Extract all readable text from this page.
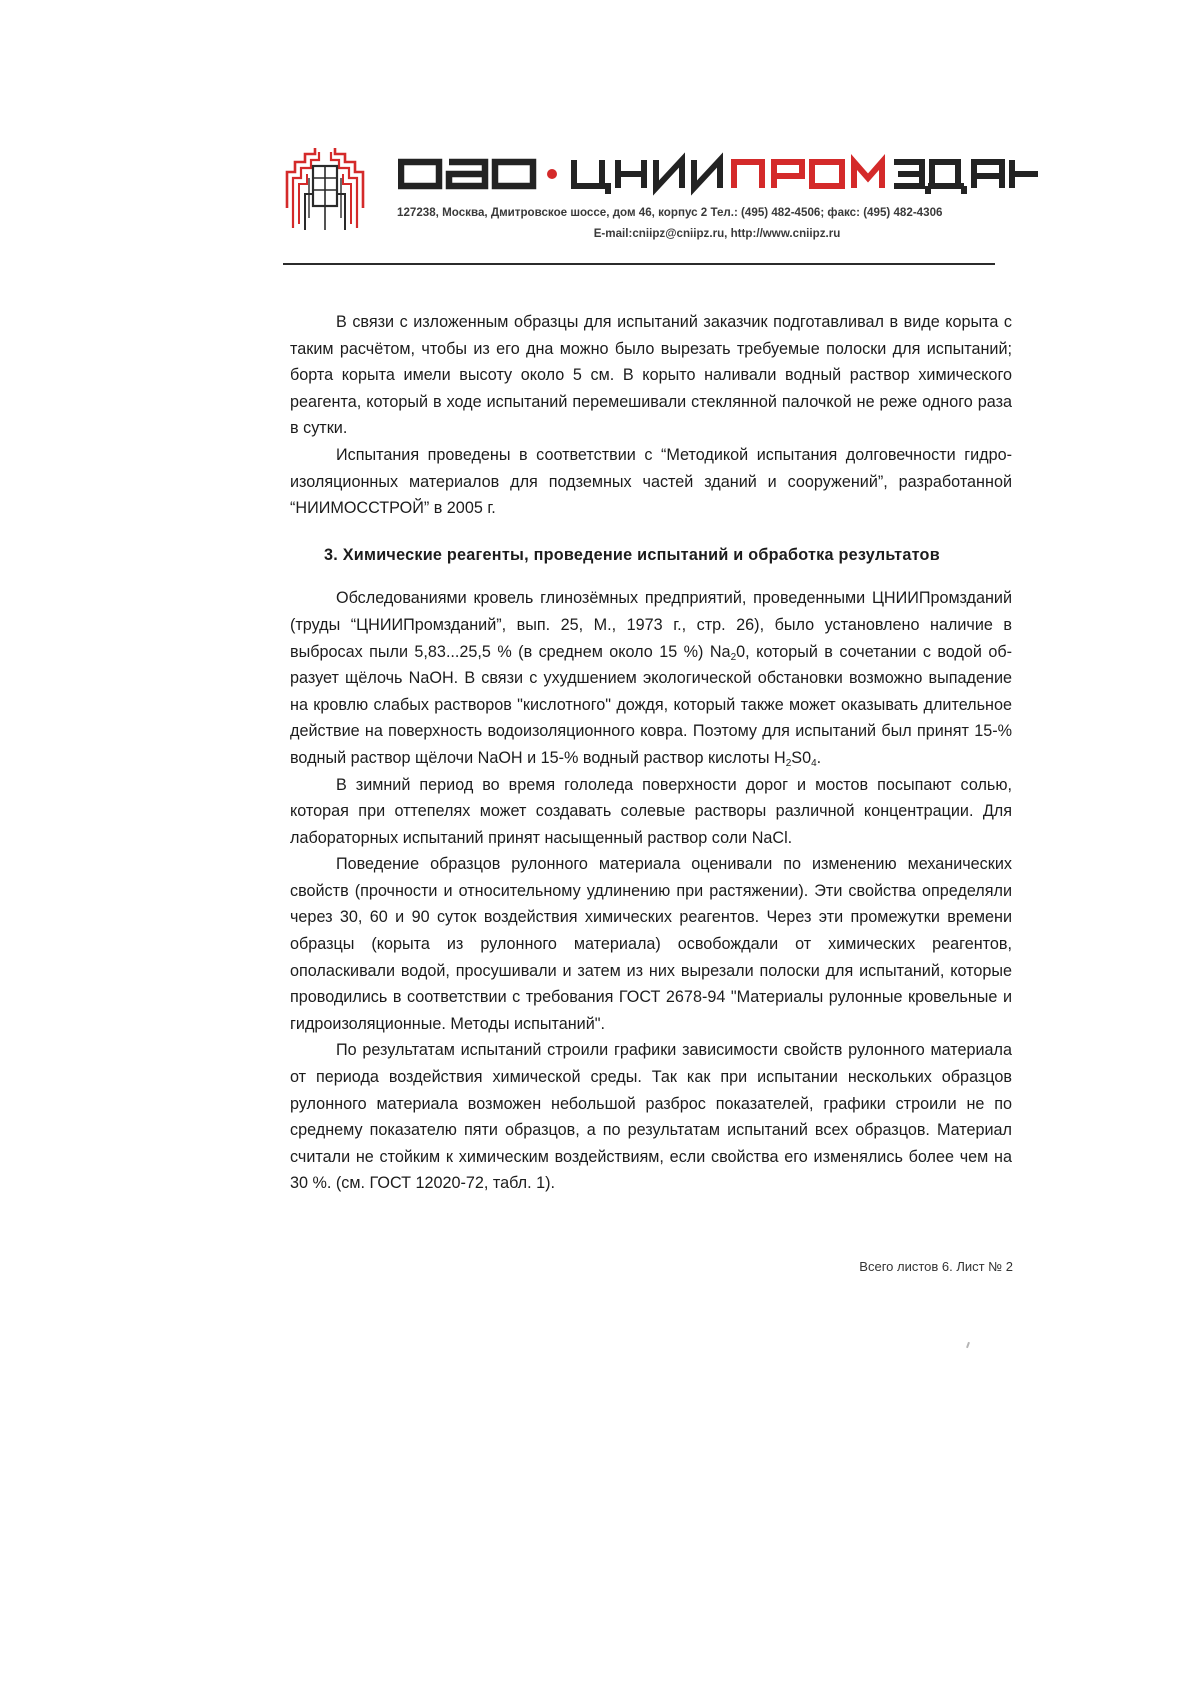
127238, Москва, Дмитровское шоссе, дом 46, корпус 2 Тел.: (495) 482-4506; факс: (495) 482-4306
E-mail:cniipz@cniipz.ru, http://www.cniipz.ru

В связи с изложенным образцы для испытаний заказчик подготавливал в виде корыта с таким расчётом, чтобы из его дна можно было вырезать требуемые полоски для испытаний; борта корыта имели высоту около 5 см. В корыто наливали водный раствор химического реагента, который в ходе испытаний перемешивали стеклянной палочкой не реже одного раза в сутки.

Испытания проведены в соответствии с “Методикой испытания долговечности гидроизоляционных материалов для подземных частей зданий и сооружений”, разработанной “НИИМОССТРОЙ” в 2005 г.

3. Химические реагенты, проведение испытаний и обработка результатов

Обследованиями кровель глинозёмных предприятий, проведенными ЦНИИПромзданий (труды “ЦНИИПромзданий”, вып. 25, М., 1973 г., стр. 26), было установлено наличие в выбросах пыли 5,83...25,5 % (в среднем около 15 %) $Na_20$, который в сочетании с водой образует щёлочь NaOH. В связи с ухудшением экологической обстановки возможно выпадение на кровлю слабых растворов "кислотного" дождя, который также может оказывать длительное действие на поверхность водоизоляционного ковра. Поэтому для испытаний был принят 15-% водный раствор щёлочи NaOH и 15-% водный раствор кислоты $H_2S0_4$.

В зимний период во время гололеда поверхности дорог и мостов посыпают солью, которая при оттепелях может создавать солевые растворы различной концентрации. Для лабораторных испытаний принят насыщенный раствор соли NaCl.

Поведение образцов рулонного материала оценивали по изменению механических свойств (прочности и относительному удлинению при растяжении). Эти свойства определяли через 30, 60 и 90 суток воздействия химических реагентов. Через эти промежутки времени образцы (корыта из рулонного материала) освобождали от химических реагентов, ополаскивали водой, просушивали и затем из них вырезали полоски для испытаний, которые проводились в соответствии с требования ГОСТ 2678-94 "Материалы рулонные кровельные и гидроизоляционные. Методы испытаний".

По результатам испытаний строили графики зависимости свойств рулонного материала от периода воздействия химической среды. Так как при испытании нескольких образцов рулонного материала возможен небольшой разброс показателей, графики строили не по среднему показателю пяти образцов, а по результатам испытаний всех образцов. Материал считали не стойким к химическим воздействиям, если свойства его изменялись более чем на 30 %. (см. ГОСТ 12020-72, табл. 1).

Всего листов 6. Лист № 2
